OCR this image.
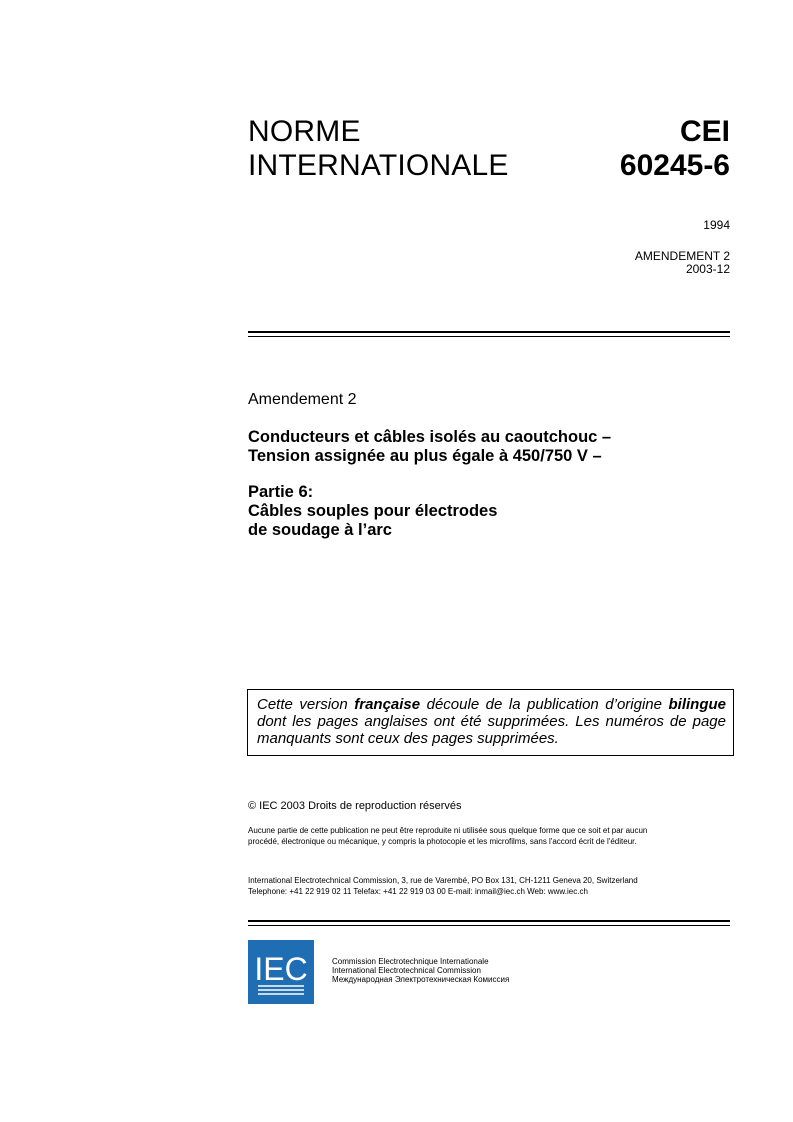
NORME
INTERNATIONALE
CEI
60245-6
1994
AMENDEMENT 2
2003-12
Amendement 2
Conducteurs et câbles isolés au caoutchouc –
Tension assignée au plus égale à 450/750 V –
Partie 6:
Câbles souples pour électrodes
de soudage à l’arc
Cette version française découle de la publication d’origine bilingue dont les pages anglaises ont été supprimées. Les numéros de page manquants sont ceux des pages supprimées.
© IEC 2003 Droits de reproduction réservés
Aucune partie de cette publication ne peut être reproduite ni utilisée sous quelque forme que ce soit et par aucun
procédé, électronique ou mécanique, y compris la photocopie et les microfilms, sans l'accord écrit de l'éditeur.
International Electrotechnical Commission, 3, rue de Varembé, PO Box 131, CH-1211 Geneva 20, Switzerland
Telephone: +41 22 919 02 11 Telefax: +41 22 919 03 00 E-mail: inmail@iec.ch Web: www.iec.ch
IEC	Commission Electrotechnique Internationale
International Electrotechnical Commission
Международная Электротехническая Комиссия
